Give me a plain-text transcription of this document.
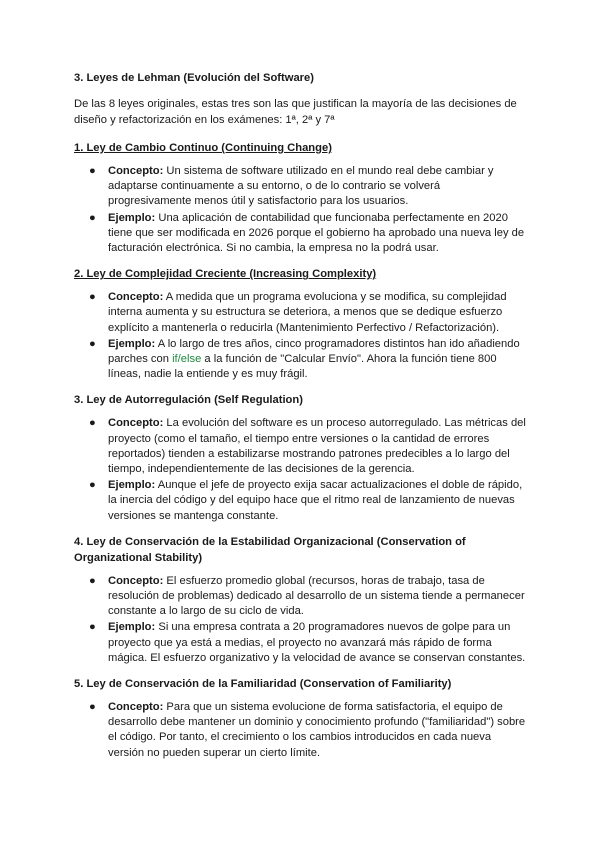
3. Leyes de Lehman (Evolución del Software)
De las 8 leyes originales, estas tres son las que justifican la mayoría de las decisiones de diseño y refactorización en los exámenes: 1ª, 2ª y 7ª
1. Ley de Cambio Continuo (Continuing Change)
● Concepto: Un sistema de software utilizado en el mundo real debe cambiar y adaptarse continuamente a su entorno, o de lo contrario se volverá progresivamente menos útil y satisfactorio para los usuarios.
● Ejemplo: Una aplicación de contabilidad que funcionaba perfectamente en 2020 tiene que ser modificada en 2026 porque el gobierno ha aprobado una nueva ley de facturación electrónica. Si no cambia, la empresa no la podrá usar.
2. Ley de Complejidad Creciente (Increasing Complexity)
● Concepto: A medida que un programa evoluciona y se modifica, su complejidad interna aumenta y su estructura se deteriora, a menos que se dedique esfuerzo explícito a mantenerla o reducirla (Mantenimiento Perfectivo / Refactorización).
● Ejemplo: A lo largo de tres años, cinco programadores distintos han ido añadiendo parches con if/else a la función de "Calcular Envío". Ahora la función tiene 800 líneas, nadie la entiende y es muy frágil.
3. Ley de Autorregulación (Self Regulation)
● Concepto: La evolución del software es un proceso autorregulado. Las métricas del proyecto (como el tamaño, el tiempo entre versiones o la cantidad de errores reportados) tienden a estabilizarse mostrando patrones predecibles a lo largo del tiempo, independientemente de las decisiones de la gerencia.
● Ejemplo: Aunque el jefe de proyecto exija sacar actualizaciones el doble de rápido, la inercia del código y del equipo hace que el ritmo real de lanzamiento de nuevas versiones se mantenga constante.
4. Ley de Conservación de la Estabilidad Organizacional (Conservation of Organizational Stability)
● Concepto: El esfuerzo promedio global (recursos, horas de trabajo, tasa de resolución de problemas) dedicado al desarrollo de un sistema tiende a permanecer constante a lo largo de su ciclo de vida.
● Ejemplo: Si una empresa contrata a 20 programadores nuevos de golpe para un proyecto que ya está a medias, el proyecto no avanzará más rápido de forma mágica. El esfuerzo organizativo y la velocidad de avance se conservan constantes.
5. Ley de Conservación de la Familiaridad (Conservation of Familiarity)
● Concepto: Para que un sistema evolucione de forma satisfactoria, el equipo de desarrollo debe mantener un dominio y conocimiento profundo ("familiaridad") sobre el código. Por tanto, el crecimiento o los cambios introducidos en cada nueva versión no pueden superar un cierto límite.
